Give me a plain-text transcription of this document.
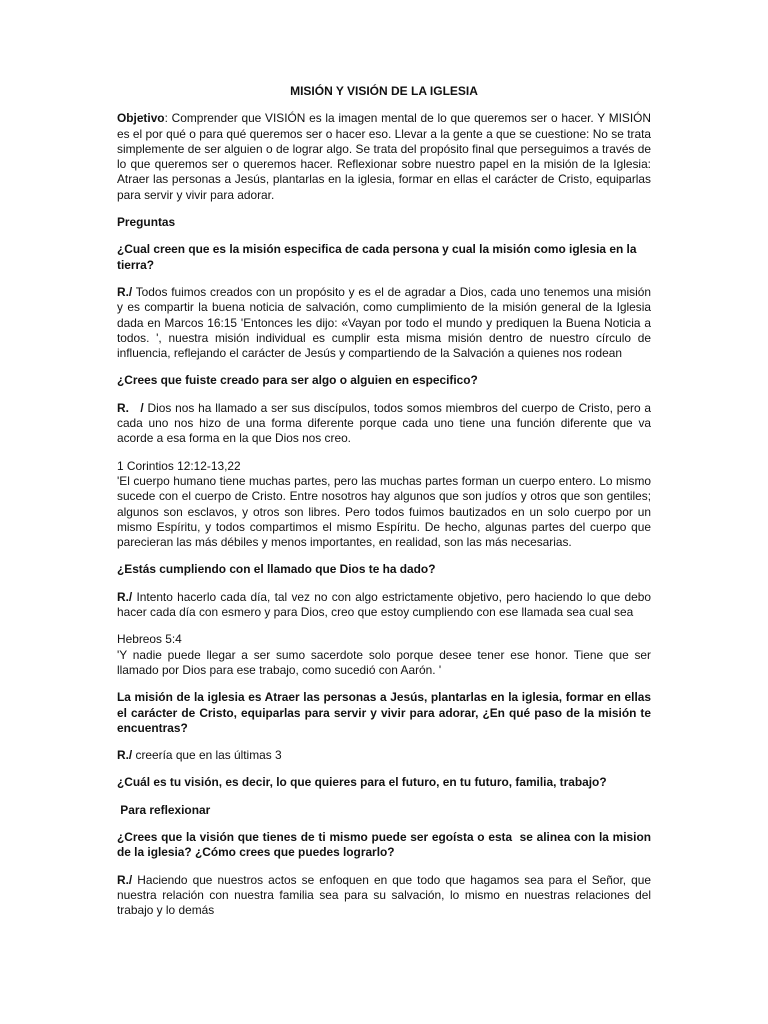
MISIÓN Y VISIÓN DE LA IGLESIA

Objetivo: Comprender que VISIÓN es la imagen mental de lo que queremos ser o hacer. Y MISIÓN es el por qué o para qué queremos ser o hacer eso. Llevar a la gente a que se cuestione: No se trata simplemente de ser alguien o de lograr algo. Se trata del propósito final que perseguimos a través de lo que queremos ser o queremos hacer. Reflexionar sobre nuestro papel en la misión de la Iglesia: Atraer las personas a Jesús, plantarlas en la iglesia, formar en ellas el carácter de Cristo, equiparlas para servir y vivir para adorar.

Preguntas
¿Cual creen que es la misión especifica de cada persona y cual la misión como iglesia en la tierra?

R./ Todos fuimos creados con un propósito y es el de agradar a Dios, cada uno tenemos una misión y es compartir la buena noticia de salvación, como cumplimiento de la misión general de la Iglesia dada en Marcos 16:15 'Entonces les dijo: «Vayan por todo el mundo y prediquen la Buena Noticia a todos. ', nuestra misión individual es cumplir esta misma misión dentro de nuestro círculo de influencia, reflejando el carácter de Jesús y compartiendo de la Salvación a quienes nos rodean

¿Crees que fuiste creado para ser algo o alguien en especifico?

R.   / Dios nos ha llamado a ser sus discípulos, todos somos miembros del cuerpo de Cristo, pero a cada uno nos hizo de una forma diferente porque cada uno tiene una función diferente que va acorde a esa forma en la que Dios nos creo.

1 Corintios 12:12-13,22

'El cuerpo humano tiene muchas partes, pero las muchas partes forman un cuerpo entero. Lo mismo sucede con el cuerpo de Cristo. Entre nosotros hay algunos que son judíos y otros que son gentiles; algunos son esclavos, y otros son libres. Pero todos fuimos bautizados en un solo cuerpo por un mismo Espíritu, y todos compartimos el mismo Espíritu. De hecho, algunas partes del cuerpo que parecieran las más débiles y menos importantes, en realidad, son las más necesarias.

¿Estás cumpliendo con el llamado que Dios te ha dado?

R./ Intento hacerlo cada día, tal vez no con algo estrictamente objetivo, pero haciendo lo que debo hacer cada día con esmero y para Dios, creo que estoy cumpliendo con ese llamada sea cual sea

Hebreos 5:4

'Y nadie puede llegar a ser sumo sacerdote solo porque desee tener ese honor. Tiene que ser llamado por Dios para ese trabajo, como sucedió con Aarón. '

La misión de la iglesia es Atraer las personas a Jesús, plantarlas en la iglesia, formar en ellas el carácter de Cristo, equiparlas para servir y vivir para adorar, ¿En qué paso de la misión te encuentras?

R./ creería que en las últimas 3

¿Cuál es tu visión, es decir, lo que quieres para el futuro, en tu futuro, familia, trabajo?
Para reflexionar

¿Crees que la visión que tienes de ti mismo puede ser egoísta o esta  se alinea con la mision de la iglesia? ¿Cómo crees que puedes lograrlo?

R./ Haciendo que nuestros actos se enfoquen en que todo que hagamos sea para el Señor, que nuestra relación con nuestra familia sea para su salvación, lo mismo en nuestras relaciones del trabajo y lo demás
